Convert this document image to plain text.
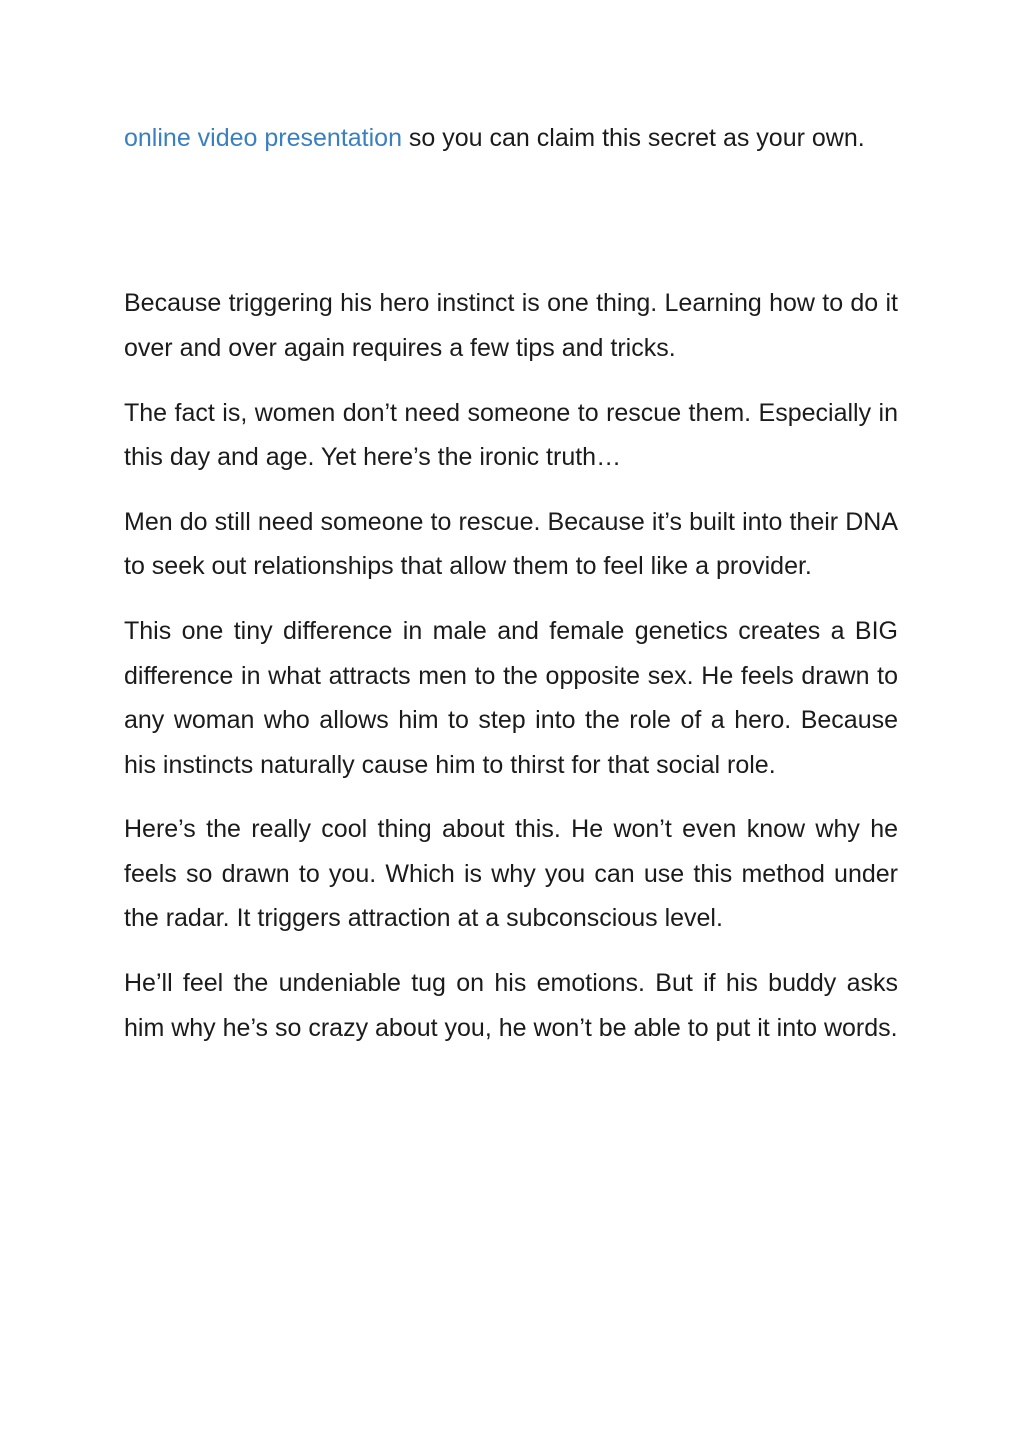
online video presentation so you can claim this secret as your own.

Because triggering his hero instinct is one thing. Learning how to do it over and over again requires a few tips and tricks.

The fact is, women don’t need someone to rescue them. Especially in this day and age. Yet here’s the ironic truth…

Men do still need someone to rescue. Because it’s built into their DNA to seek out relationships that allow them to feel like a provider.

This one tiny difference in male and female genetics creates a BIG difference in what attracts men to the opposite sex. He feels drawn to any woman who allows him to step into the role of a hero. Because his instincts naturally cause him to thirst for that social role.

Here’s the really cool thing about this. He won’t even know why he feels so drawn to you. Which is why you can use this method under the radar. It triggers attraction at a subconscious level.

He’ll feel the undeniable tug on his emotions. But if his buddy asks him why he’s so crazy about you, he won’t be able to put it into words.
